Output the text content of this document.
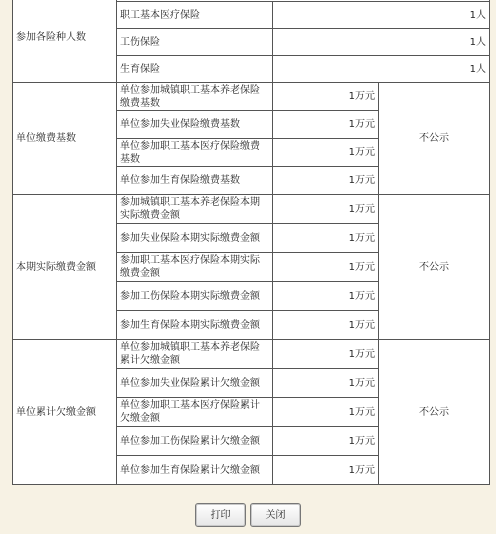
参加各险种人数			
	职工基本医疗保险	1人	
	工伤保险	1人	
	生育保险	1人	
单位缴费基数	单位参加城镇职工基本养老保险缴费基数	1万元	不公示
	单位参加失业保险缴费基数	1万元	
	单位参加职工基本医疗保险缴费基数	1万元	
	单位参加生育保险缴费基数	1万元	
本期实际缴费金额	参加城镇职工基本养老保险本期实际缴费金额	1万元	不公示
	参加失业保险本期实际缴费金额	1万元	
	参加职工基本医疗保险本期实际缴费金额	1万元	
	参加工伤保险本期实际缴费金额	1万元	
	参加生育保险本期实际缴费金额	1万元	
单位累计欠缴金额	单位参加城镇职工基本养老保险累计欠缴金额	1万元	不公示
	单位参加失业保险累计欠缴金额	1万元	
	单位参加职工基本医疗保险累计欠缴金额	1万元	
	单位参加工伤保险累计欠缴金额	1万元	
	单位参加生育保险累计欠缴金额	1万元	
打印	关闭
